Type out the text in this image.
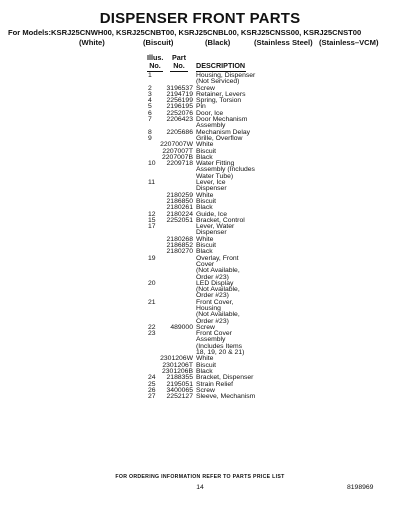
DISPENSER FRONT PARTS
For Models:KSRJ25CNWH00, KSRJ25CNBT00, KSRJ25CNBL00, KSRJ25CNSS00, KSRJ25CNST00
(White)	(Biscuit)	(Black)	(Stainless Steel) (Stainless–VCM)
Illus.
No.
Part
No.	DESCRIPTION
1	Housing, Dispenser
(Not Serviced)
2	3196537 Screw
3	2194719 Retainer, Levers
4	2256199 Spring, Torsion
5	2196195 Pin
6	2252076 Door, Ice
7	2206423 Door Mechanism
Assembly
8	2205686 Mechanism Delay
9	Grille, Overflow
2207007W White
2207007T Biscuit
2207007B Black
10	2209718 Water Fitting
Assembly (Includes
Water Tube)
11	Lever, Ice
Dispenser
2180259 White
2186850 Biscuit
2180261 Black
12	2180224 Guide, Ice
15	2252051 Bracket, Control
17	Lever, Water
Dispenser
2180268 White
2186852 Biscuit
2180270 Black
19	Overlay, Front
Cover
(Not Available,
Order #23)
20	LED Display
(Not Available,
Order #23)
21	Front Cover,
Housing
(Not Available,
Order #23)
22	489000 Screw
23	Front Cover
Assembly
(Includes Items
18, 19, 20 & 21)
2301206W White
2301206T Biscuit
2301206B Black
24	2188355 Bracket, Dispenser
25	2195051 Strain Relief
26	3400065 Screw
27	2252127 Sleeve, Mechanism
FOR ORDERING INFORMATION REFER TO PARTS PRICE LIST
14	8198969
